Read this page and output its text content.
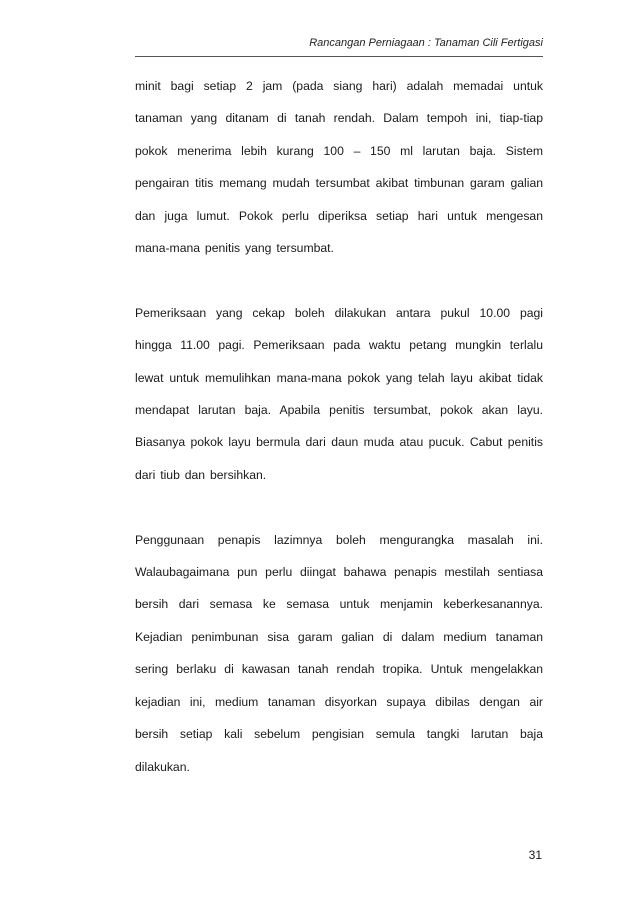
Rancangan Perniagaan : Tanaman Cili Fertigasi

minit bagi setiap 2 jam (pada siang hari) adalah memadai untuk tanaman yang ditanam di tanah rendah. Dalam tempoh ini, tiap-tiap pokok menerima lebih kurang 100 – 150 ml larutan baja. Sistem pengairan titis memang mudah tersumbat akibat timbunan garam galian dan juga lumut. Pokok perlu diperiksa setiap hari untuk mengesan mana-mana penitis yang tersumbat.

Pemeriksaan yang cekap boleh dilakukan antara pukul 10.00 pagi hingga 11.00 pagi. Pemeriksaan pada waktu petang mungkin terlalu lewat untuk memulihkan mana-mana pokok yang telah layu akibat tidak mendapat larutan baja. Apabila penitis tersumbat, pokok akan layu. Biasanya pokok layu bermula dari daun muda atau pucuk. Cabut penitis dari tiub dan bersihkan.

Penggunaan penapis lazimnya boleh mengurangka masalah ini. Walaubagaimana pun perlu diingat bahawa penapis mestilah sentiasa bersih dari semasa ke semasa untuk menjamin keberkesanannya. Kejadian penimbunan sisa garam galian di dalam medium tanaman sering berlaku di kawasan tanah rendah tropika. Untuk mengelakkan kejadian ini, medium tanaman disyorkan supaya dibilas dengan air bersih setiap kali sebelum pengisian semula tangki larutan baja dilakukan.

31
